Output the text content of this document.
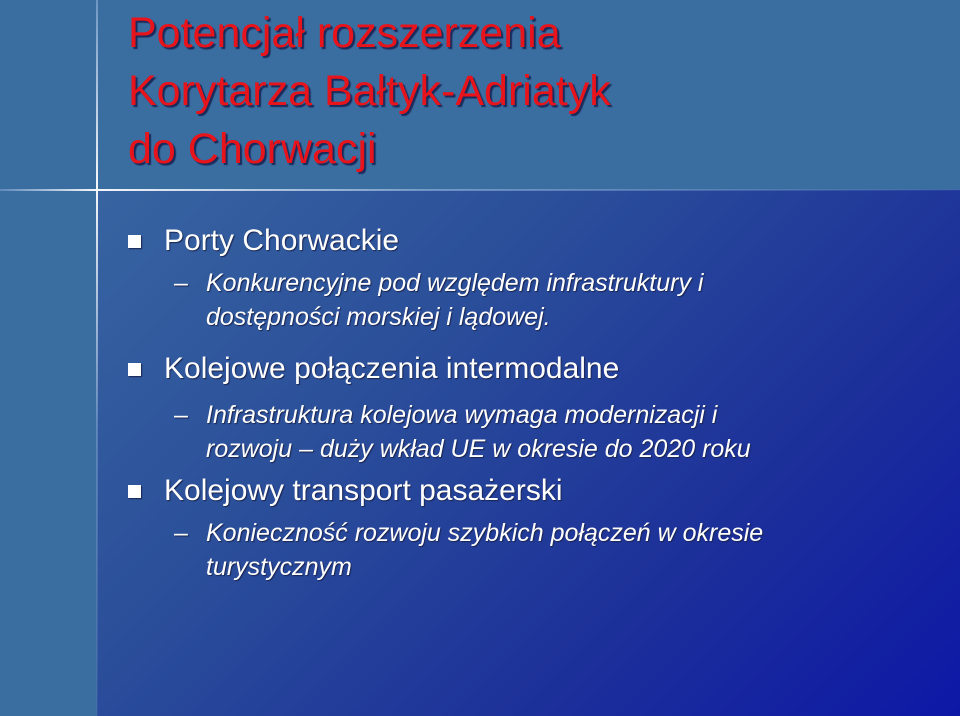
Potencjał rozszerzenia
Korytarza Bałtyk-Adriatyk
do Chorwacji
Porty Chorwackie
– Konkurencyjne pod względem infrastruktury i
dostępności morskiej i lądowej.
Kolejowe połączenia intermodalne
– Infrastruktura kolejowa wymaga modernizacji i
rozwoju – duży wkład UE w okresie do 2020 roku
Kolejowy transport pasażerski
– Konieczność rozwoju szybkich połączeń w okresie
turystycznym
